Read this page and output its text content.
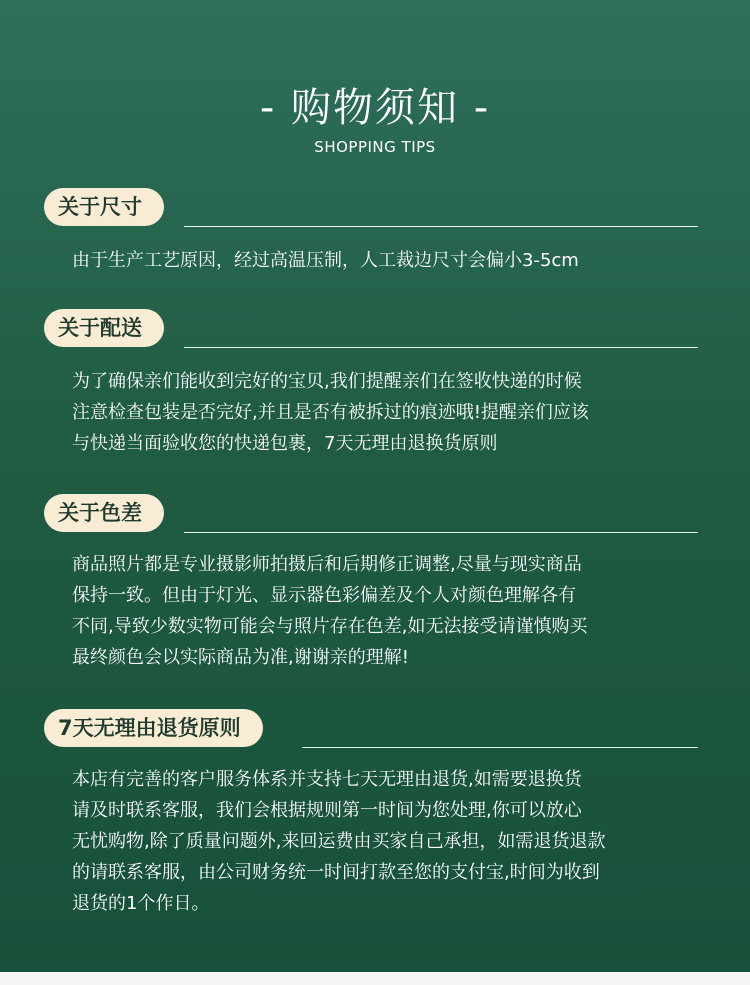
- 购物须知 -
SHOPPING TIPS
关于尺寸

由于生产工艺原因，经过高温压制，人工裁边尺寸会偏小3-5cm

关于配送

为了确保亲们能收到完好的宝贝,我们提醒亲们在签收快递的时候

注意检查包装是否完好,并且是否有被拆过的痕迹哦!提醒亲们应该

与快递当面验收您的快递包裹，7天无理由退换货原则

关于色差

商品照片都是专业摄影师拍摄后和后期修正调整,尽量与现实商品

保持一致。但由于灯光、显示器色彩偏差及个人对颜色理解各有

不同,导致少数实物可能会与照片存在色差,如无法接受请谨慎购买

最终颜色会以实际商品为准,谢谢亲的理解!

7天无理由退货原则

本店有完善的客户服务体系并支持七天无理由退货,如需要退换货

请及时联系客服，我们会根据规则第一时间为您处理,你可以放心

无忧购物,除了质量问题外,来回运费由买家自己承担，如需退货退款

的请联系客服，由公司财务统一时间打款至您的支付宝,时间为收到

退货的1个作日。
